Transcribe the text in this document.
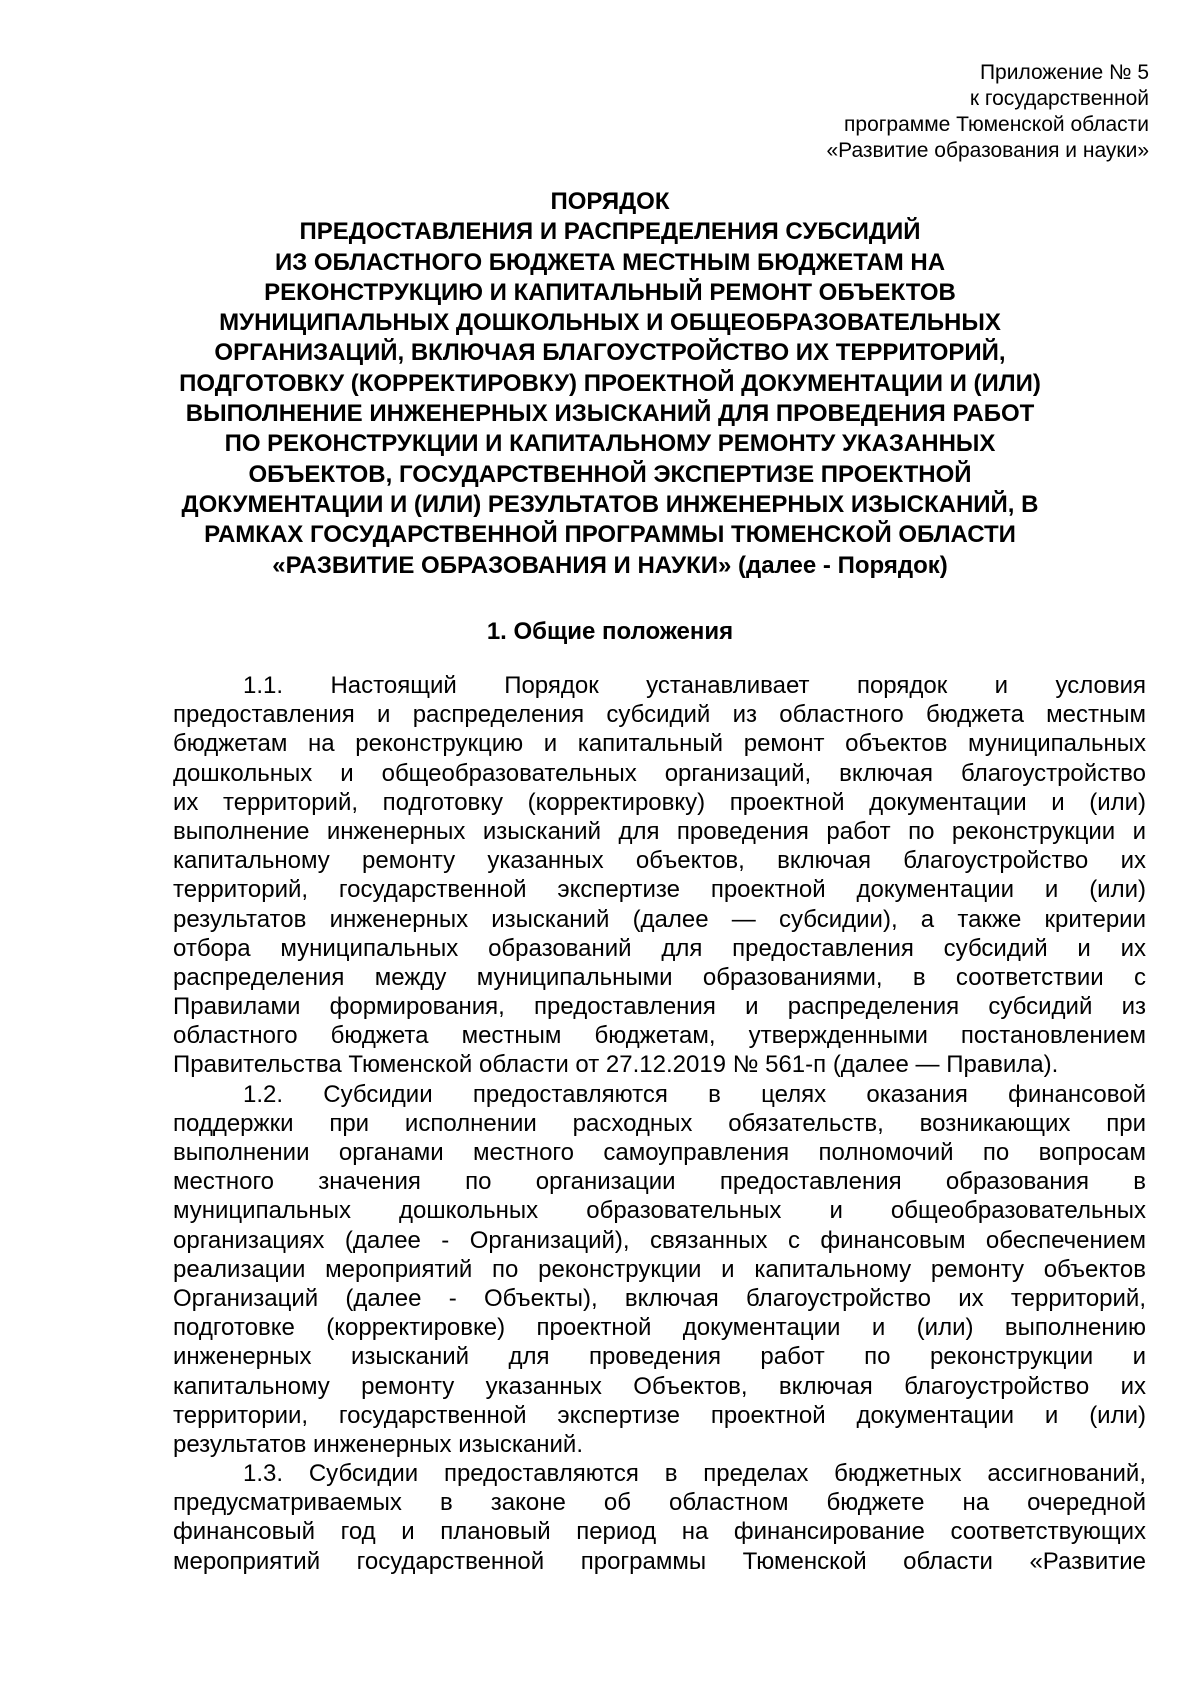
Приложение № 5
к государственной
программе Тюменской области
«Развитие образования и науки»
ПОРЯДОК
ПРЕДОСТАВЛЕНИЯ И РАСПРЕДЕЛЕНИЯ СУБСИДИЙ
ИЗ ОБЛАСТНОГО БЮДЖЕТА МЕСТНЫМ БЮДЖЕТАМ НА
РЕКОНСТРУКЦИЮ И КАПИТАЛЬНЫЙ РЕМОНТ ОБЪЕКТОВ
МУНИЦИПАЛЬНЫХ ДОШКОЛЬНЫХ И ОБЩЕОБРАЗОВАТЕЛЬНЫХ
ОРГАНИЗАЦИЙ, ВКЛЮЧАЯ БЛАГОУСТРОЙСТВО ИХ ТЕРРИТОРИЙ,
ПОДГОТОВКУ (КОРРЕКТИРОВКУ) ПРОЕКТНОЙ ДОКУМЕНТАЦИИ И (ИЛИ)
ВЫПОЛНЕНИЕ ИНЖЕНЕРНЫХ ИЗЫСКАНИЙ ДЛЯ ПРОВЕДЕНИЯ РАБОТ
ПО РЕКОНСТРУКЦИИ И КАПИТАЛЬНОМУ РЕМОНТУ УКАЗАННЫХ
ОБЪЕКТОВ, ГОСУДАРСТВЕННОЙ ЭКСПЕРТИЗЕ ПРОЕКТНОЙ
ДОКУМЕНТАЦИИ И (ИЛИ) РЕЗУЛЬТАТОВ ИНЖЕНЕРНЫХ ИЗЫСКАНИЙ, В
РАМКАХ ГОСУДАРСТВЕННОЙ ПРОГРАММЫ ТЮМЕНСКОЙ ОБЛАСТИ
«РАЗВИТИЕ ОБРАЗОВАНИЯ И НАУКИ» (далее - Порядок)
1. Общие положения
1.1. Настоящий Порядок устанавливает порядок и условия
предоставления и распределения субсидий из областного бюджета местным
бюджетам на реконструкцию и капитальный ремонт объектов муниципальных
дошкольных и общеобразовательных организаций, включая благоустройство
их территорий, подготовку (корректировку) проектной документации и (или)
выполнение инженерных изысканий для проведения работ по реконструкции и
капитальному ремонту указанных объектов, включая благоустройство их
территорий, государственной экспертизе проектной документации и (или)
результатов инженерных изысканий (далее — субсидии), а также критерии
отбора муниципальных образований для предоставления субсидий и их
распределения между муниципальными образованиями, в соответствии с
Правилами формирования, предоставления и распределения субсидий из
областного бюджета местным бюджетам, утвержденными постановлением
Правительства Тюменской области от 27.12.2019 № 561-п (далее — Правила).
1.2. Субсидии предоставляются в целях оказания финансовой
поддержки при исполнении расходных обязательств, возникающих при
выполнении органами местного самоуправления полномочий по вопросам
местного значения по организации предоставления образования в
муниципальных дошкольных образовательных и общеобразовательных
организациях (далее - Организаций), связанных с финансовым обеспечением
реализации мероприятий по реконструкции и капитальному ремонту объектов
Организаций (далее - Объекты), включая благоустройство их территорий,
подготовке (корректировке) проектной документации и (или) выполнению
инженерных изысканий для проведения работ по реконструкции и
капитальному ремонту указанных Объектов, включая благоустройство их
территории, государственной экспертизе проектной документации и (или)
результатов инженерных изысканий.
1.3. Субсидии предоставляются в пределах бюджетных ассигнований,
предусматриваемых в законе об областном бюджете на очередной
финансовый год и плановый период на финансирование соответствующих
мероприятий государственной программы Тюменской области «Развитие
